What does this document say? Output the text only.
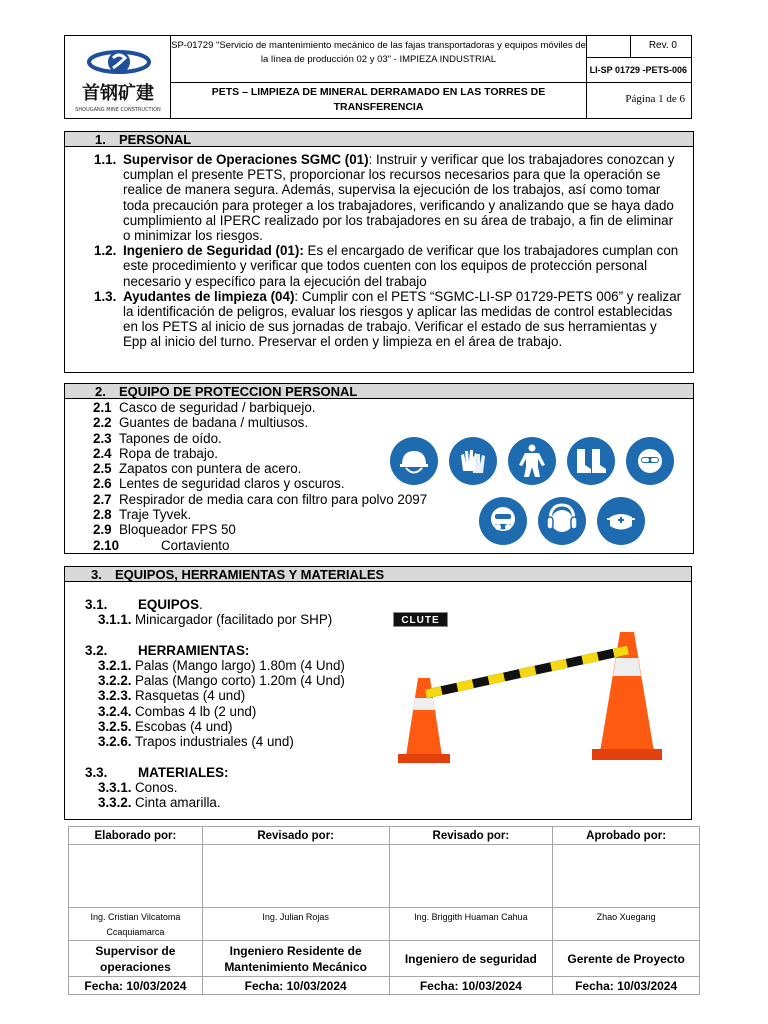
首钢矿建
SHOUGANG MINE CONSTRUCTION
SP-01729 "Servicio de mantenimiento mecánico de las fajas transportadoras y equipos móviles de la línea de producción 02 y 03" - IMPIEZA INDUSTRIAL
PETS – LIMPIEZA DE MINERAL DERRAMADO EN LAS TORRES DE TRANSFERENCIA
Rev. 0
LI-SP 01729 -PETS-006
Página 1 de 6
1. PERSONAL
1.1. Supervisor de Operaciones SGMC (01): Instruir y verificar que los trabajadores conozcan y cumplan el presente PETS, proporcionar los recursos necesarios para que la operación se realice de manera segura. Además, supervisa la ejecución de los trabajos, así como tomar toda precaución para proteger a los trabajadores, verificando y analizando que se haya dado cumplimiento al IPERC realizado por los trabajadores en su área de trabajo, a fin de eliminar o minimizar los riesgos.
1.2. Ingeniero de Seguridad (01): Es el encargado de verificar que los trabajadores cumplan con este procedimiento y verificar que todos cuenten con los equipos de protección personal necesario y específico para la ejecución del trabajo
1.3. Ayudantes de limpieza (04): Cumplir con el PETS “SGMC-LI-SP 01729-PETS 006” y realizar la identificación de peligros, evaluar los riesgos y aplicar las medidas de control establecidas en los PETS al inicio de sus jornadas de trabajo. Verificar el estado de sus herramientas y Epp al inicio del turno. Preservar el orden y limpieza en el área de trabajo.
2. EQUIPO DE PROTECCION PERSONAL
2.1 Casco de seguridad / barbiquejo.
2.2 Guantes de badana / multiusos.
2.3 Tapones de oído.
2.4 Ropa de trabajo.
2.5 Zapatos con puntera de acero.
2.6 Lentes de seguridad claros y oscuros.
2.7 Respirador de media cara con filtro para polvo 2097
2.8 Traje Tyvek.
2.9 Bloqueador FPS 50
2.10	Cortaviento
3. EQUIPOS, HERRAMIENTAS Y MATERIALES
3.1. EQUIPOS.
3.1.1. Minicargador (facilitado por SHP)
3.2. HERRAMIENTAS:
3.2.1. Palas (Mango largo) 1.80m (4 Und)
3.2.2. Palas (Mango corto) 1.20m (4 Und)
3.2.3. Rasquetas (4 und)
3.2.4. Combas 4 lb (2 und)
3.2.5. Escobas (4 und)
3.2.6. Trapos industriales (4 und)
3.3. MATERIALES:
3.3.1. Conos.
3.3.2. Cinta amarilla.
CLUTE
Elaborado por:	Revisado por:	Revisado por:	Aprobado por:

Ing. Cristian Vilcatoma Ccaquiamarca	Ing. Julian Rojas	Ing. Briggith Huaman Cahua	Zhao Xuegang
Supervisor de operaciones	Ingeniero Residente de Mantenimiento Mecánico	Ingeniero de seguridad	Gerente de Proyecto
Fecha: 10/03/2024	Fecha: 10/03/2024	Fecha: 10/03/2024	Fecha: 10/03/2024
